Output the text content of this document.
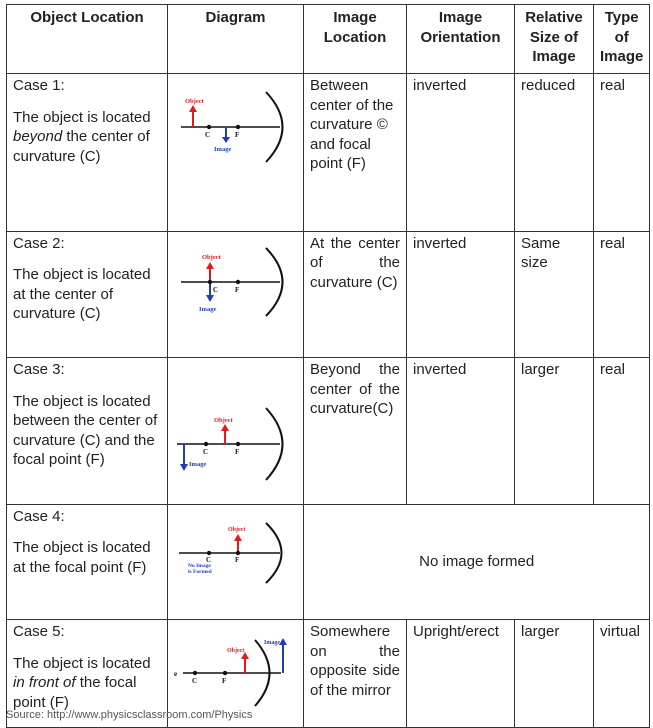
Object Location	Diagram	Image Location	Image Orientation	Relative Size of Image	Type of Image

Case 1:
The object is located beyond the center of curvature (C)	Object
Image
C F	Between center of the curvature © and focal point (F)	inverted	reduced	real

Case 2:
The object is located at the center of curvature (C)	Object
Image
C F	At the center of the curvature (C)	inverted	Same size	real

Case 3:
The object is located between the center of curvature (C) and the focal point (F)	Object
Image
C F	Beyond the center of the curvature(C)	inverted	larger	real

Case 4:
The object is located at the focal point (F)	Object
No Image
is Formed
C F	No image formed			

Case 5:
The object is located in front of the focal point (F)	Object
Image
e
C F	Somewhere on the opposite side of the mirror	Upright/erect	larger	virtual
Source: http://www.physicsclassroom.com/Physics
